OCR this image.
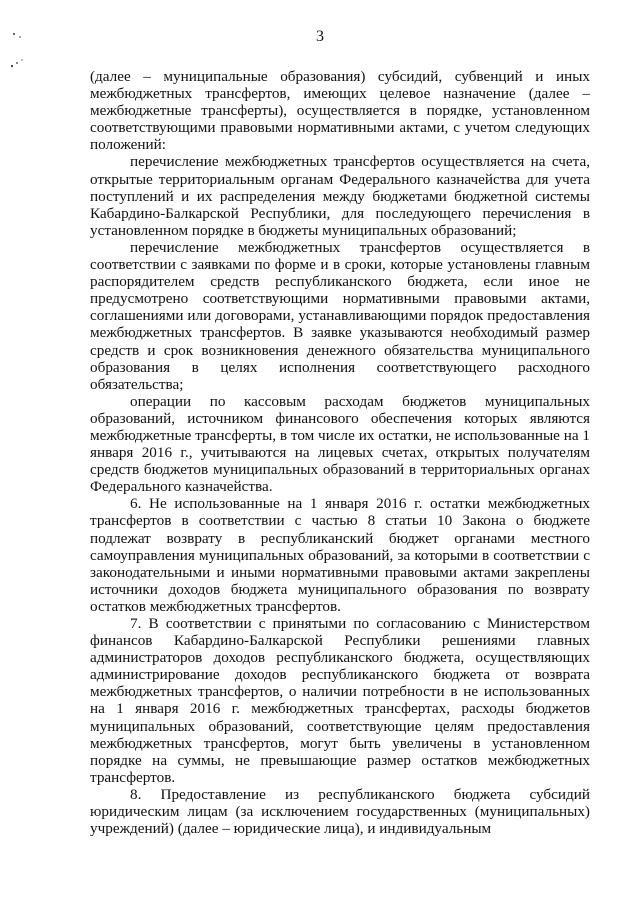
3

(далее – муниципальные образования) субсидий, субвенций и иных межбюджетных трансфертов, имеющих целевое назначение (далее – межбюджетные трансферты), осуществляется в порядке, установленном соответствующими правовыми нормативными актами, с учетом следующих положений:

перечисление межбюджетных трансфертов осуществляется на счета, открытые территориальным органам Федерального казначейства для учета поступлений и их распределения между бюджетами бюджетной системы Кабардино-Балкарской Республики, для последующего перечисления в установленном порядке в бюджеты муниципальных образований;

перечисление межбюджетных трансфертов осуществляется в соответствии с заявками по форме и в сроки, которые установлены главным распорядителем средств республиканского бюджета, если иное не предусмотрено соответствующими нормативными правовыми актами, соглашениями или договорами, устанавливающими порядок предоставления межбюджетных трансфертов. В заявке указываются необходимый размер средств и срок возникновения денежного обязательства муниципального образования в целях исполнения соответствующего расходного обязательства;

операции по кассовым расходам бюджетов муниципальных образований, источником финансового обеспечения которых являются межбюджетные трансферты, в том числе их остатки, не использованные на 1 января 2016 г., учитываются на лицевых счетах, открытых получателям средств бюджетов муниципальных образований в территориальных органах Федерального казначейства.

6. Не использованные на 1 января 2016 г. остатки межбюджетных трансфертов в соответствии с частью 8 статьи 10 Закона о бюджете подлежат возврату в республиканский бюджет органами местного самоуправления муниципальных образований, за которыми в соответствии с законодательными и иными нормативными правовыми актами закреплены источники доходов бюджета муниципального образования по возврату остатков межбюджетных трансфертов.

7. В соответствии с принятыми по согласованию с Министерством финансов Кабардино-Балкарской Республики решениями главных администраторов доходов республиканского бюджета, осуществляющих администрирование доходов республиканского бюджета от возврата межбюджетных трансфертов, о наличии потребности в не использованных на 1 января 2016 г. межбюджетных трансфертах, расходы бюджетов муниципальных образований, соответствующие целям предоставления межбюджетных трансфертов, могут быть увеличены в установленном порядке на суммы, не превышающие размер остатков межбюджетных трансфертов.

8. Предоставление из республиканского бюджета субсидий юридическим лицам (за исключением государственных (муниципальных) учреждений) (далее – юридические лица), и индивидуальным
